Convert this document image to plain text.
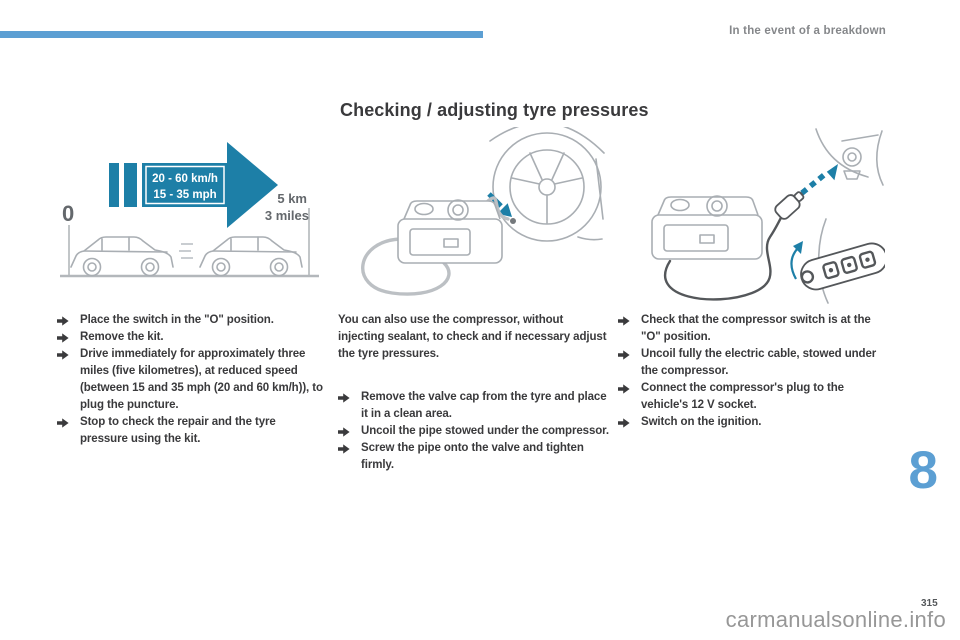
In the event of a breakdown
Checking / adjusting tyre pressures
0
5 km
3 miles
20 - 60 km/h
15 - 35 mph
Place the switch in the "O" position.
Remove the kit.
Drive immediately for approximately three miles (five kilometres), at reduced speed (between 15 and 35 mph (20 and 60 km/h)), to plug the puncture.
Stop to check the repair and the tyre pressure using the kit.

You can also use the compressor, without injecting sealant, to check and if necessary adjust the tyre pressures.

Remove the valve cap from the tyre and place it in a clean area.
Uncoil the pipe stowed under the compressor.
Screw the pipe onto the valve and tighten firmly.
Check that the compressor switch is at the "O" position.
Uncoil fully the electric cable, stowed under the compressor.
Connect the compressor's plug to the vehicle's 12 V socket.
Switch on the ignition.
8
315
carmanualsonline.info
